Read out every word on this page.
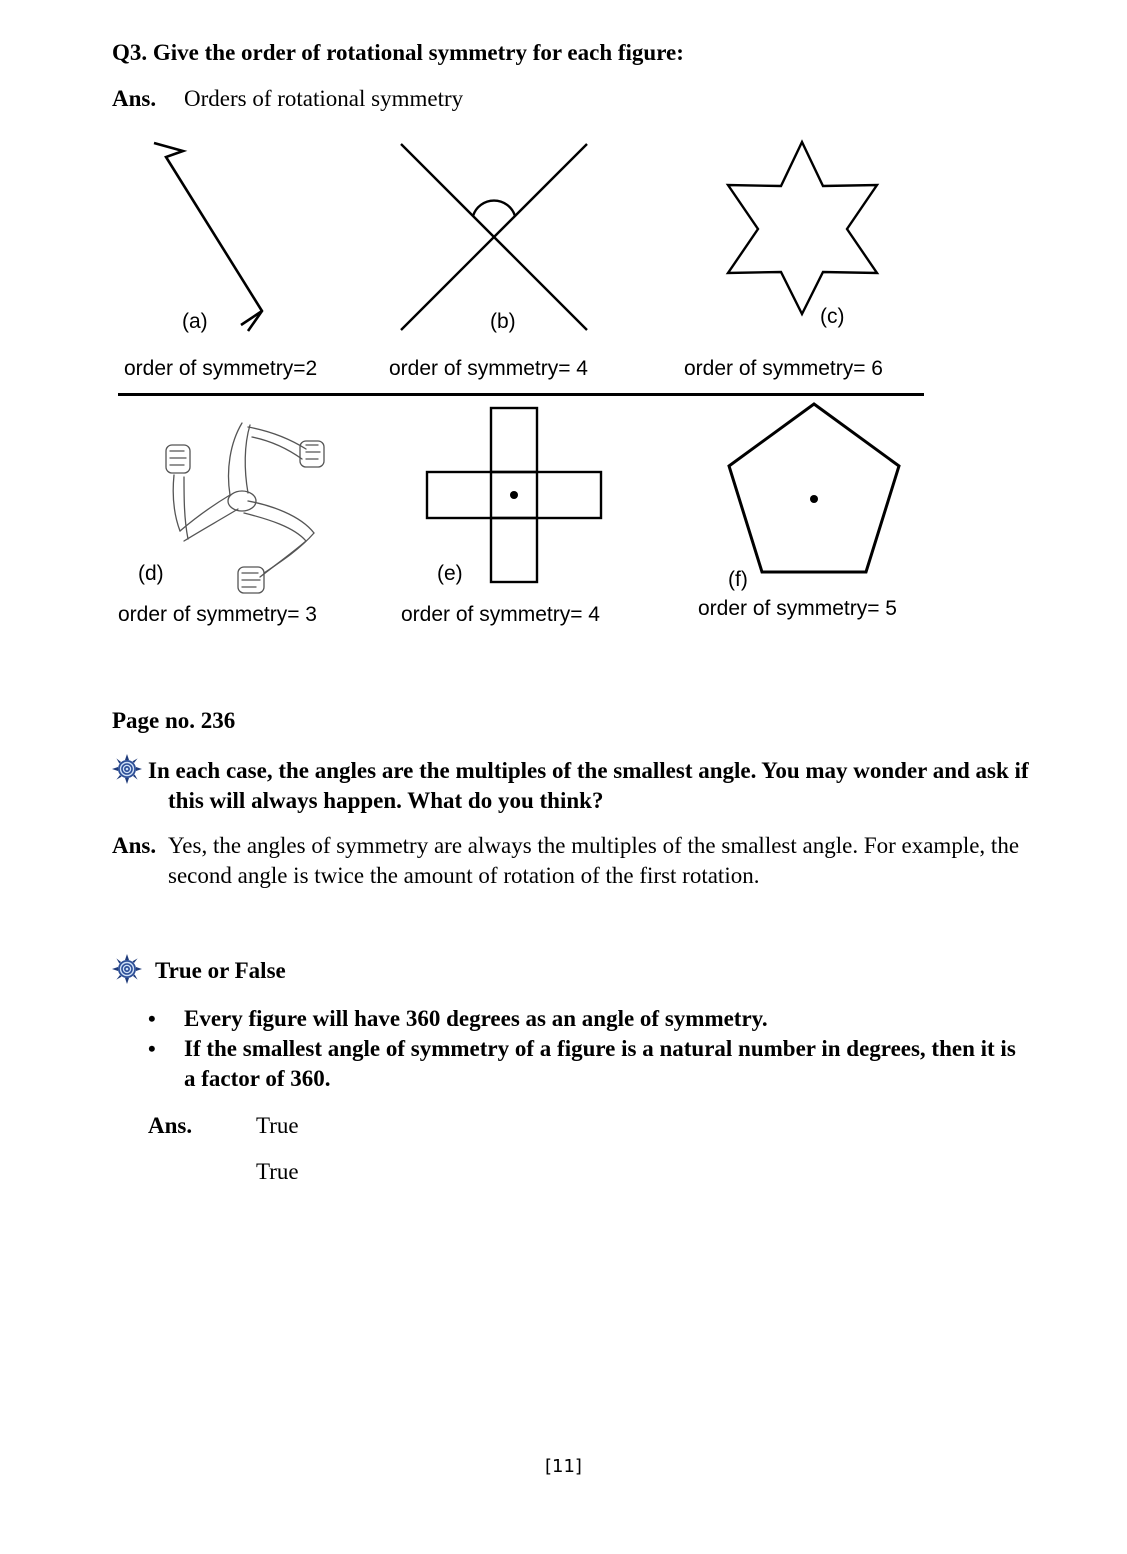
Q3. Give the order of rotational symmetry for each figure:
Ans. Orders of rotational symmetry
(a)	(b)	(c)
order of symmetry=2	order of symmetry= 4	order of symmetry= 6
(d)	(e)	(f)
order of symmetry= 3	order of symmetry= 4	order of symmetry= 5
Page no. 236
In each case, the angles are the multiples of the smallest angle. You may wonder and ask if this will always happen. What do you think?
Ans. Yes, the angles of symmetry are always the multiples of the smallest angle. For example, the second angle is twice the amount of rotation of the first rotation.
True or False
• Every figure will have 360 degrees as an angle of symmetry.
• If the smallest angle of symmetry of a figure is a natural number in degrees, then it is a factor of 360.
Ans.	True
True
[11]
